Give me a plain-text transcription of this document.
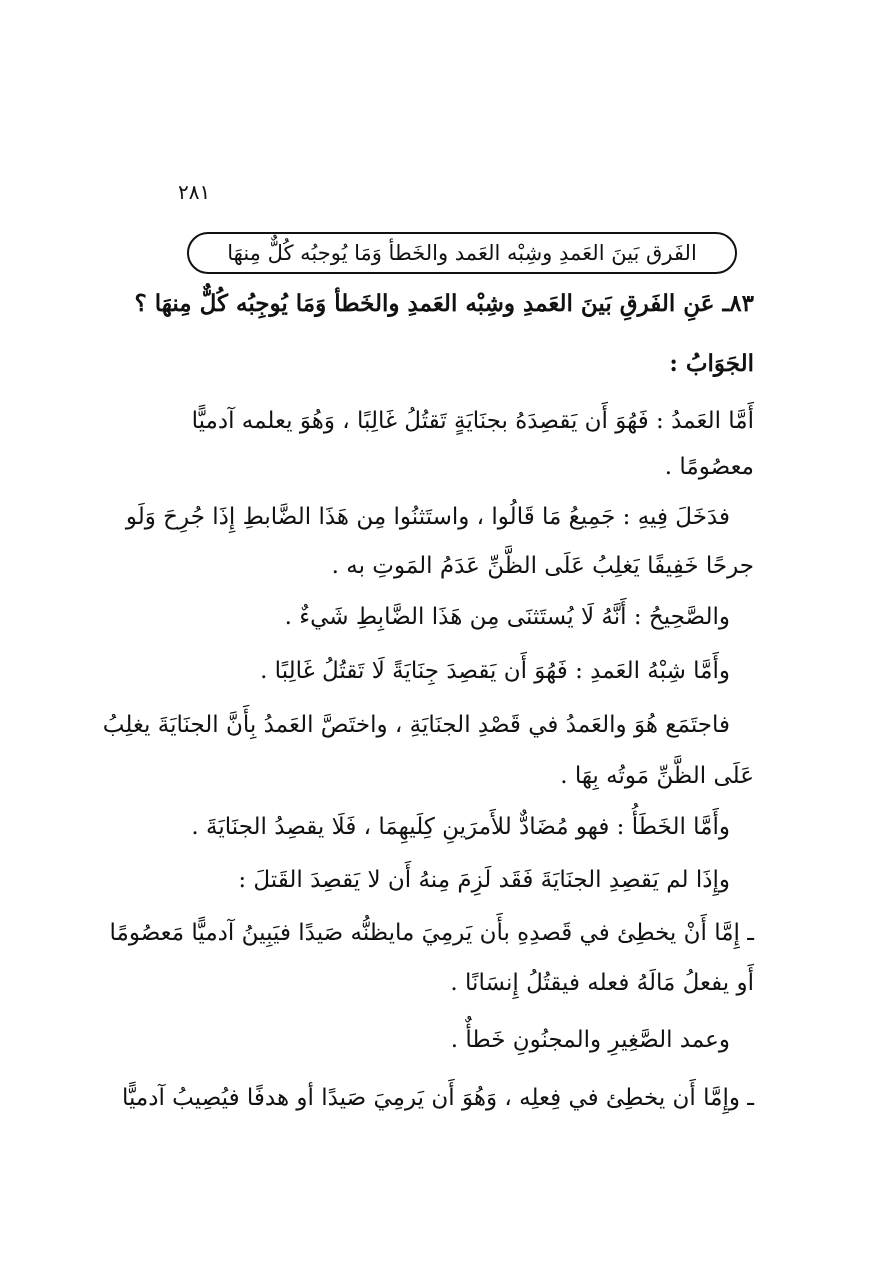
٢٨١
الفَرق بَينَ العَمدِ وشِبْه العَمد والخَطأ وَمَا يُوجبُه كُلٌّ مِنهَا
٨٣ـ عَنِ الفَرقِ بَينَ العَمدِ وشِبْه العَمدِ والخَطأ وَمَا يُوجِبُه كُلٌّ مِنهَا ؟
الجَوَابُ :
أَمَّا العَمدُ : فَهُوَ أَن يَقصِدَهُ بجنَايَةٍ تَقتُلُ غَالِبًا ، وَهُوَ يعلمه آدميًّا
معصُومًا .
فدَخَلَ فِيهِ : جَمِيعُ مَا قَالُوا ، واستَثنُوا مِن هَذَا الضَّابطِ إِذَا جُرِحَ وَلَو
جرحًا خَفِيفًا يَغلِبُ عَلَى الظَّنِّ عَدَمُ المَوتِ به .
والصَّحِيحُ : أَنَّهُ لَا يُستَثنَى مِن هَذَا الضَّابِطِ شَيءٌ .
وأَمَّا شِبْهُ العَمدِ : فَهُوَ أَن يَقصِدَ جِنَايَةً لَا تَقتُلُ غَالِبًا .
فاجتَمَع هُوَ والعَمدُ في قَصْدِ الجنَايَةِ ، واختَصَّ العَمدُ بِأَنَّ الجنَايَةَ يغلِبُ
عَلَى الظَّنِّ مَوتُه بِهَا .
وأَمَّا الخَطَأُ : فهو مُضَادٌّ للأَمرَينِ كِلَيهِمَا ، فَلَا يقصِدُ الجنَايَةَ .
وإِذَا لم يَقصِدِ الجنَايَةَ فَقَد لَزِمَ مِنهُ أَن لا يَقصِدَ القَتلَ :
ـ إِمَّا أَنْ يخطِئ في قَصدِهِ بأَن يَرمِيَ مايظنُّه صَيدًا فيَبِينُ آدميًّا مَعصُومًا
أَو يفعلُ مَالَهُ فعله فيقتُلُ إِنسَانًا .
وعمد الصَّغِيرِ والمجنُونِ خَطأٌ .
ـ وإِمَّا أَن يخطِئ في فِعلِه ، وَهُوَ أَن يَرمِيَ صَيدًا أو هدفًا فيُصِيبُ آدميًّا
